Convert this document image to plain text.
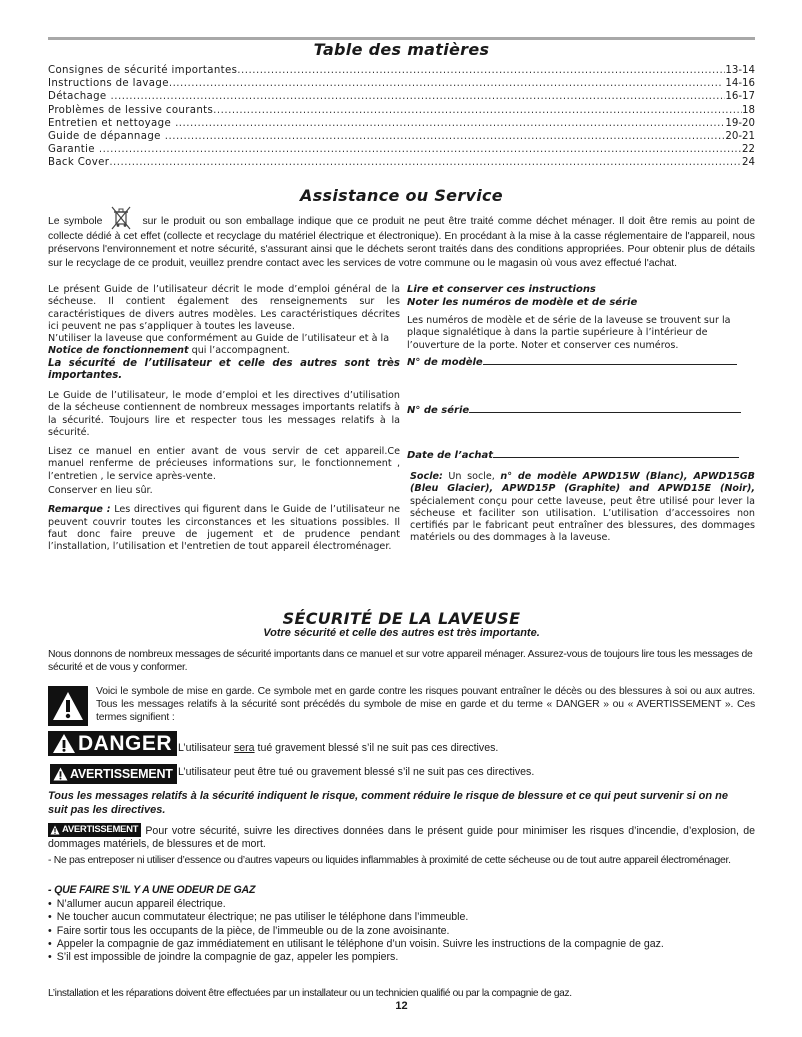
Table des matières
Consignes de sécurité importantes .....	13-14
Instructions de lavage .....	14-16
Détachage .....	16-17
Problèmes de lessive courants .....	18
Entretien et nettoyage .....	19-20
Guide de dépannage .....	20-21
Garantie .....	22
Back Cover .....	24
Assistance ou Service
Le symbole	sur le produit ou son emballage indique que ce produit ne peut être traité comme déchet ménager. Il doit être remis au point de collecte dédié à cet effet (collecte et recyclage du matériel électrique et électronique). En procédant à la mise à la casse réglementaire de l'appareil, nous préservons l'environnement et notre sécurité, s'assurant ainsi que le déchets seront traités dans des conditions appropriées. Pour obtenir plus de détails sur le recyclage de ce produit, veuillez prendre contact avec les services de votre commune ou le magasin où vous avez effectué l'achat.

Le présent Guide de l’utilisateur décrit le mode d’emploi général de la sécheuse. Il contient également des renseignements sur les caractéristiques de divers autres modèles. Les caractéristiques décrites ici peuvent ne pas s’appliquer à toutes les laveuse.

N’utiliser la laveuse que conformément au Guide de l’utilisateur et à la Notice de fonctionnement qui l’accompagnent.

La sécurité de l’utilisateur et celle des autres sont très importantes.

Le Guide de l’utilisateur, le mode d’emploi et les directives d’utilisation de la sécheuse contiennent de nombreux messages importants relatifs à la sécurité. Toujours lire et respecter tous les messages relatifs à la sécurité.

Lisez ce manuel en entier avant de vous servir de cet appareil.Ce manuel renferme de précieuses informations sur, le fonctionnement , l’entretien , le service après-vente.

Conserver en lieu sûr.

Remarque : Les directives qui figurent dans le Guide de l’utilisateur ne peuvent couvrir toutes les circonstances et les situations possibles. Il faut donc faire preuve de jugement et de prudence pendant l’installation, l’utilisation et l'entretien de tout appareil électroménager.

Lire et conserver ces instructions

Noter les numéros de modèle et de série

Les numéros de modèle et de série de la laveuse se trouvent sur la plaque signalétique à dans la partie supérieure à l’intérieur de l’ouverture de la porte. Noter et conserver ces numéros.

N° de modèle
N° de série
Date de l’achat

Socle: Un socle, n° de modèle APWD15W (Blanc), APWD15GB (Bleu Glacier), APWD15P (Graphite) and APWD15E (Noir), spécialement conçu pour cette laveuse, peut être utilisé pour lever la sécheuse et faciliter son utilisation. L’utilisation d’accessoires non certifiés par le fabricant peut entraîner des blessures, des dommages matériels ou des dommages à la laveuse.

SÉCURITÉ DE LA LAVEUSE
Votre sécurité et celle des autres est très importante.

Nous donnons de nombreux messages de sécurité importants dans ce manuel et sur votre appareil ménager. Assurez-vous de toujours lire tous les messages de sécurité et de vous y conformer.

Voici le symbole de mise en garde. Ce symbole met en garde contre les risques pouvant entraîner le décès ou des blessures à soi ou aux autres. Tous les messages relatifs à la sécurité sont précédés du symbole de mise en garde et du terme « DANGER » ou « AVERTISSEMENT ». Ces termes signifient :

DANGER L’utilisateur sera tué gravement blessé s’il ne suit pas ces directives.
AVERTISSEMENT L’utilisateur peut être tué ou gravement blessé s’il ne suit pas ces directives.

Tous les messages relatifs à la sécurité indiquent le risque, comment réduire le risque de blessure et ce qui peut survenir si on ne suit pas les directives.

AVERTISSEMENT Pour votre sécurité, suivre les directives données dans le présent guide pour minimiser les risques d’incendie, d’explosion, de dommages matériels, de blessures et de mort.

- Ne pas entreposer ni utiliser d’essence ou d’autres vapeurs ou liquides inflammables à proximité de cette sécheuse ou de tout autre appareil électroménager.

- QUE FAIRE S’IL Y A UNE ODEUR DE GAZ

• N’allumer aucun appareil électrique.
• Ne toucher aucun commutateur électrique; ne pas utiliser le téléphone dans l’immeuble.
• Faire sortir tous les occupants de la pièce, de l’immeuble ou de la zone avoisinante.
• Appeler la compagnie de gaz immédiatement en utilisant le téléphone d’un voisin. Suivre les instructions de la compagnie de gaz.
• S’il est impossible de joindre la compagnie de gaz, appeler les pompiers.

L’installation et les réparations doivent être effectuées par un installateur ou un technicien qualifié ou par la compagnie de gaz.

12
